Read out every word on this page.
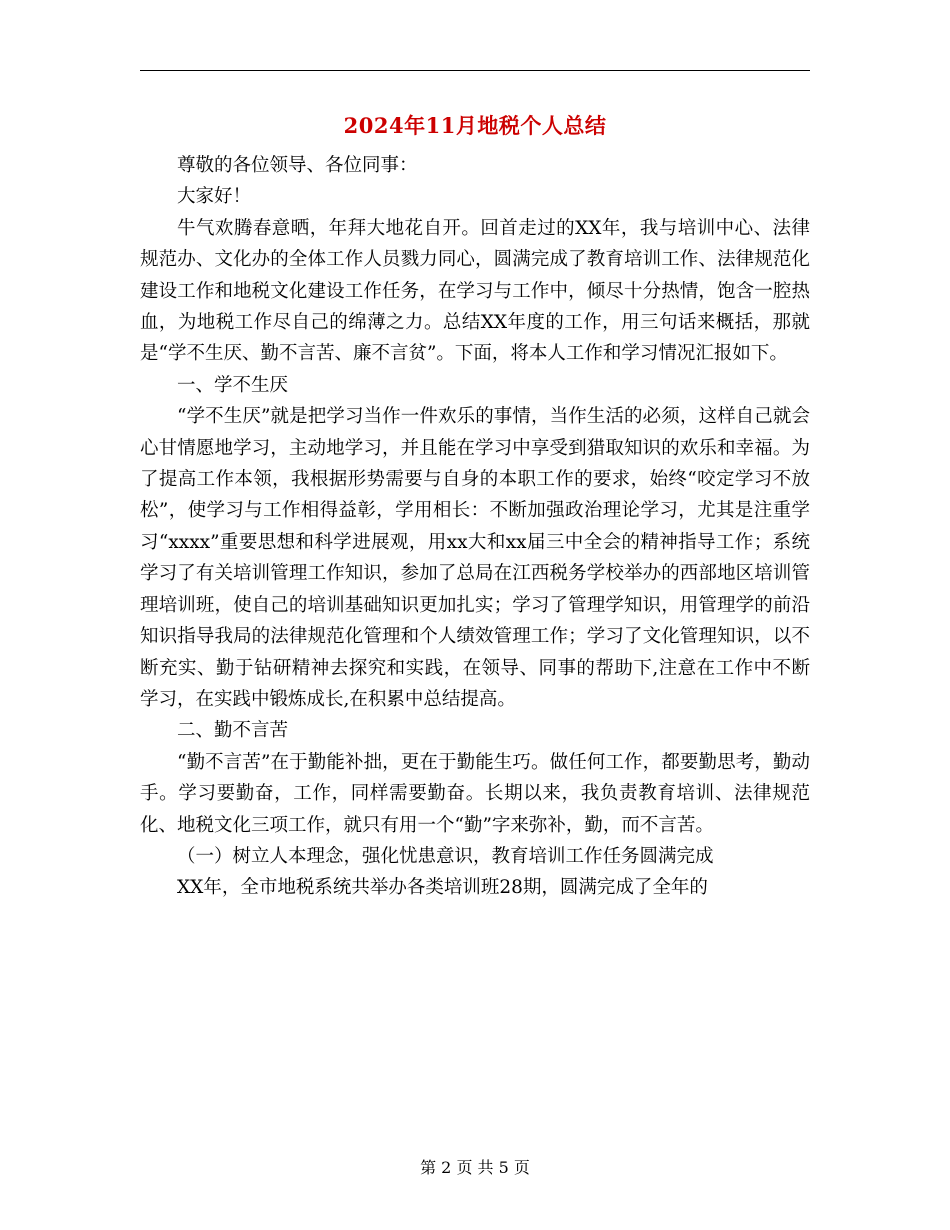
2024年11月地税个人总结

尊敬的各位领导、各位同事：

大家好！

牛气欢腾春意晒，年拜大地花自开。回首走过的XX年，我与培训中心、法律规范办、文化办的全体工作人员戮力同心，圆满完成了教育培训工作、法律规范化建设工作和地税文化建设工作任务，在学习与工作中，倾尽十分热情，饱含一腔热血，为地税工作尽自己的绵薄之力。总结XX年度的工作，用三句话来概括，那就是“学不生厌、勤不言苦、廉不言贫”。下面，将本人工作和学习情况汇报如下。

一、学不生厌

“学不生厌”就是把学习当作一件欢乐的事情，当作生活的必须，这样自己就会心甘情愿地学习，主动地学习，并且能在学习中享受到猎取知识的欢乐和幸福。为了提高工作本领，我根据形势需要与自身的本职工作的要求，始终“咬定学习不放松”，使学习与工作相得益彰，学用相长：不断加强政治理论学习，尤其是注重学习“xxxx”重要思想和科学进展观，用xx大和xx届三中全会的精神指导工作；系统学习了有关培训管理工作知识，参加了总局在江西税务学校举办的西部地区培训管理培训班，使自己的培训基础知识更加扎实；学习了管理学知识，用管理学的前沿知识指导我局的法律规范化管理和个人绩效管理工作；学习了文化管理知识，以不断充实、勤于钻研精神去探究和实践，在领导、同事的帮助下,注意在工作中不断学习，在实践中锻炼成长,在积累中总结提高。

二、勤不言苦

“勤不言苦”在于勤能补拙，更在于勤能生巧。做任何工作，都要勤思考，勤动手。学习要勤奋，工作，同样需要勤奋。长期以来，我负责教育培训、法律规范化、地税文化三项工作，就只有用一个“勤”字来弥补，勤，而不言苦。

（一）树立人本理念，强化忧患意识，教育培训工作任务圆满完成

XX年，全市地税系统共举办各类培训班28期，圆满完成了全年的

第 2 页 共 5 页
